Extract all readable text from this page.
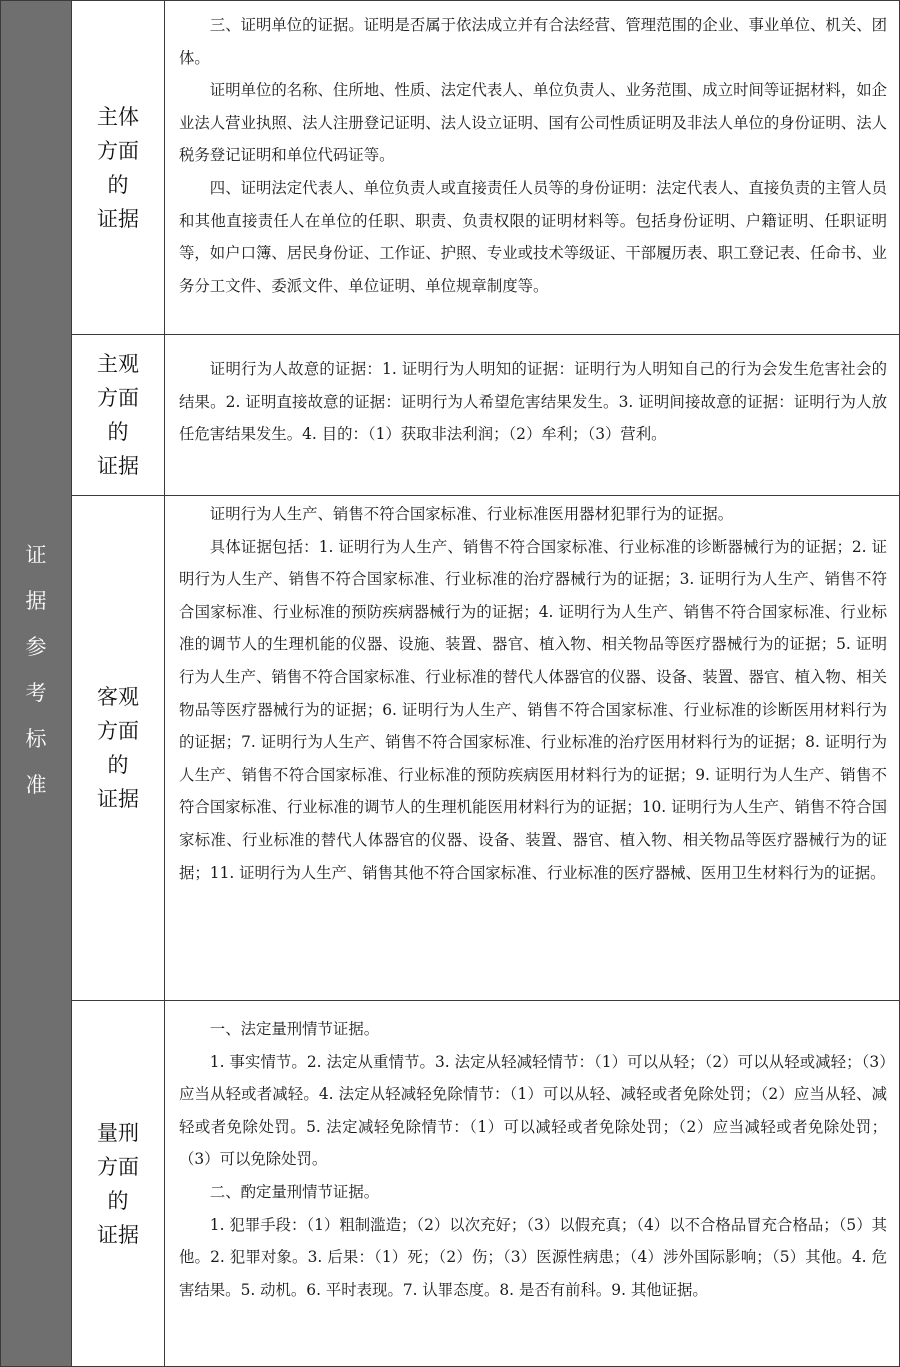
证
据
参
考
标
准
主体
方面
的
证据

三、证明单位的证据。证明是否属于依法成立并有合法经营、管理范围的企业、事业单位、机关、团体。

证明单位的名称、住所地、性质、法定代表人、单位负责人、业务范围、成立时间等证据材料，如企业法人营业执照、法人注册登记证明、法人设立证明、国有公司性质证明及非法人单位的身份证明、法人税务登记证明和单位代码证等。

四、证明法定代表人、单位负责人或直接责任人员等的身份证明：法定代表人、直接负责的主管人员和其他直接责任人在单位的任职、职责、负责权限的证明材料等。包括身份证明、户籍证明、任职证明等，如户口簿、居民身份证、工作证、护照、专业或技术等级证、干部履历表、职工登记表、任命书、业务分工文件、委派文件、单位证明、单位规章制度等。

主观
方面
的
证据

证明行为人故意的证据：1. 证明行为人明知的证据：证明行为人明知自己的行为会发生危害社会的结果。2. 证明直接故意的证据：证明行为人希望危害结果发生。3. 证明间接故意的证据：证明行为人放任危害结果发生。4. 目的：（1）获取非法利润；（2）牟利；（3）营利。

客观
方面
的
证据

证明行为人生产、销售不符合国家标准、行业标准医用器材犯罪行为的证据。

具体证据包括：1. 证明行为人生产、销售不符合国家标准、行业标准的诊断器械行为的证据；2. 证明行为人生产、销售不符合国家标准、行业标准的治疗器械行为的证据；3. 证明行为人生产、销售不符合国家标准、行业标准的预防疾病器械行为的证据；4. 证明行为人生产、销售不符合国家标准、行业标准的调节人的生理机能的仪器、设施、装置、器官、植入物、相关物品等医疗器械行为的证据；5. 证明行为人生产、销售不符合国家标准、行业标准的替代人体器官的仪器、设备、装置、器官、植入物、相关物品等医疗器械行为的证据；6. 证明行为人生产、销售不符合国家标准、行业标准的诊断医用材料行为的证据；7. 证明行为人生产、销售不符合国家标准、行业标准的治疗医用材料行为的证据；8. 证明行为人生产、销售不符合国家标准、行业标准的预防疾病医用材料行为的证据；9. 证明行为人生产、销售不符合国家标准、行业标准的调节人的生理机能医用材料行为的证据；10. 证明行为人生产、销售不符合国家标准、行业标准的替代人体器官的仪器、设备、装置、器官、植入物、相关物品等医疗器械行为的证据；11. 证明行为人生产、销售其他不符合国家标准、行业标准的医疗器械、医用卫生材料行为的证据。

量刑
方面
的
证据

一、法定量刑情节证据。

1. 事实情节。2. 法定从重情节。3. 法定从轻减轻情节：（1）可以从轻；（2）可以从轻或减轻；（3）应当从轻或者减轻。4. 法定从轻减轻免除情节：（1）可以从轻、减轻或者免除处罚；（2）应当从轻、减轻或者免除处罚。5. 法定减轻免除情节：（1）可以减轻或者免除处罚；（2）应当减轻或者免除处罚；（3）可以免除处罚。

二、酌定量刑情节证据。

1. 犯罪手段：（1）粗制滥造；（2）以次充好；（3）以假充真；（4）以不合格品冒充合格品；（5）其他。2. 犯罪对象。3. 后果：（1）死；（2）伤；（3）医源性病患；（4）涉外国际影响；（5）其他。4. 危害结果。5. 动机。6. 平时表现。7. 认罪态度。8. 是否有前科。9. 其他证据。
